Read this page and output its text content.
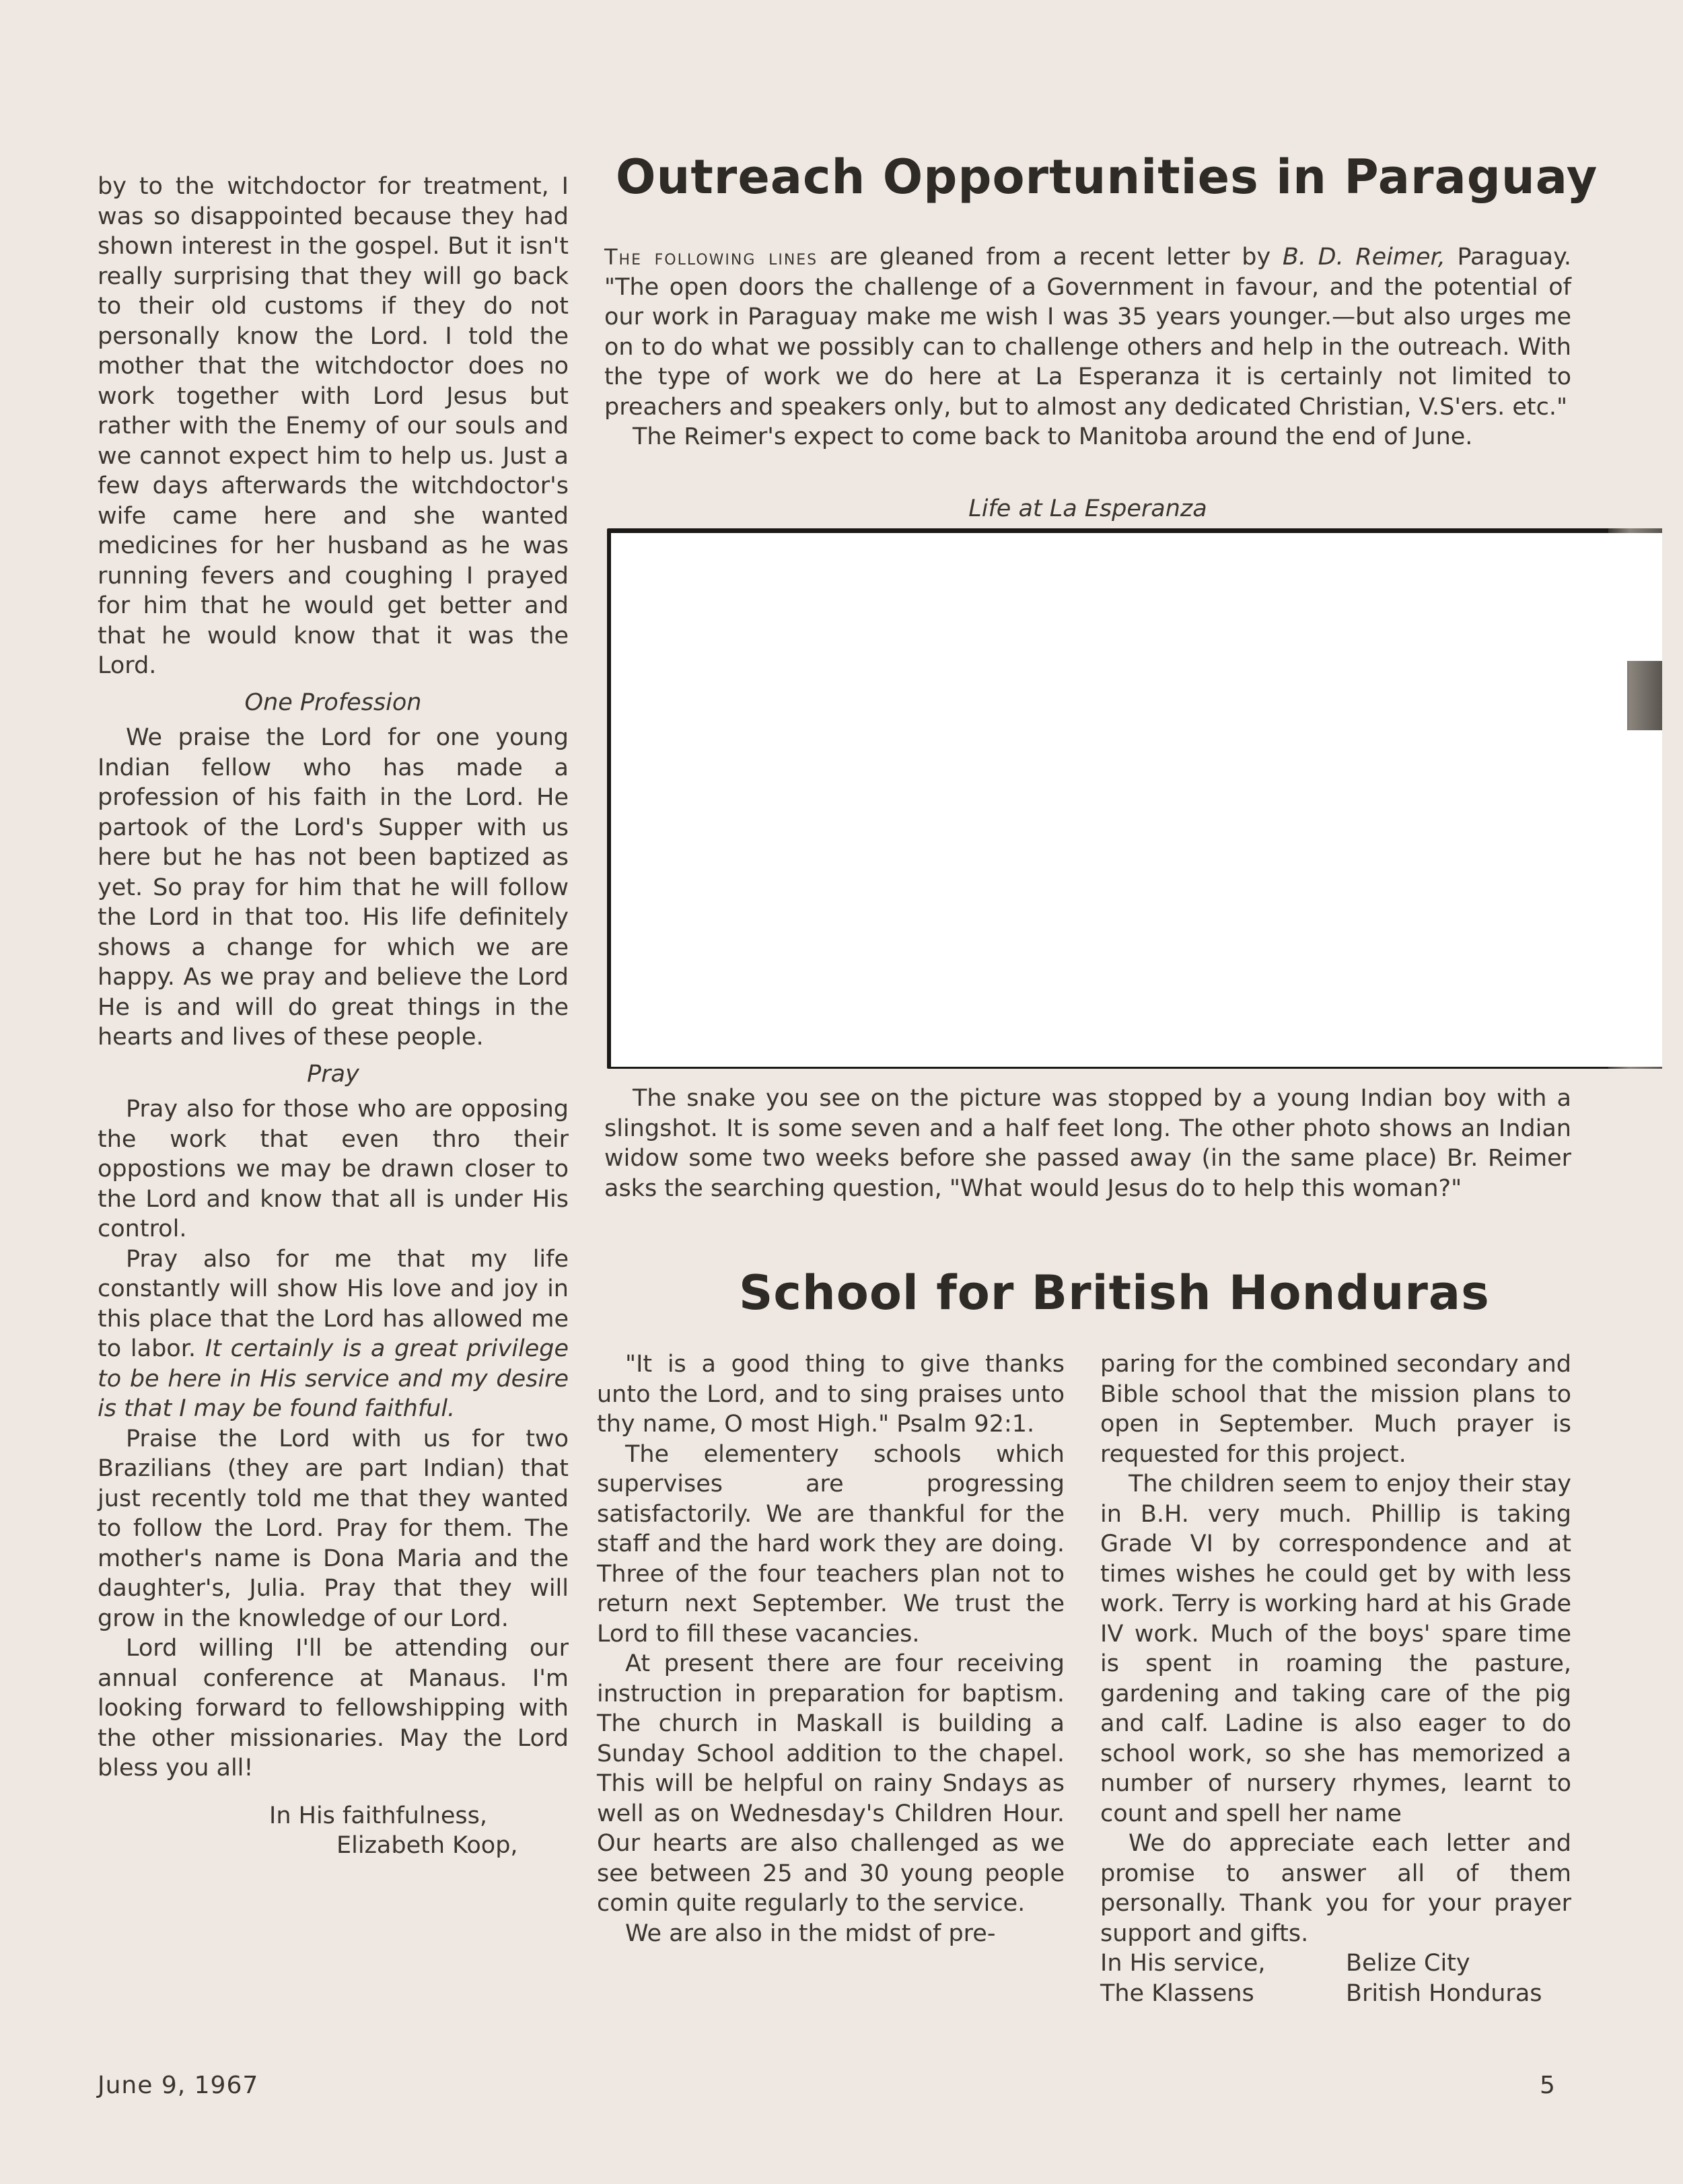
by to the witchdoctor for treatment, I was so disappointed because they had shown interest in the gospel. But it isn't really surprising that they will go back to their old customs if they do not personally know the Lord. I told the mother that the witchdoctor does no work together with Lord Jesus but rather with the Enemy of our souls and we cannot expect him to help us. Just a few days afterwards the witchdoctor's wife came here and she wanted medicines for her husband as he was running fevers and coughing I prayed for him that he would get better and that he would know that it was the Lord.

One Profession

We praise the Lord for one young Indian fellow who has made a profession of his faith in the Lord. He partook of the Lord's Supper with us here but he has not been baptized as yet. So pray for him that he will follow the Lord in that too. His life definitely shows a change for which we are happy. As we pray and believe the Lord He is and will do great things in the hearts and lives of these people.

Pray

Pray also for those who are opposing the work that even thro their oppostions we may be drawn closer to the Lord and know that all is under His control.

Pray also for me that my life constantly will show His love and joy in this place that the Lord has allowed me to labor. It certainly is a great privilege to be here in His service and my desire is that I may be found faithful.

Praise the Lord with us for two Brazilians (they are part Indian) that just recently told me that they wanted to follow the Lord. Pray for them. The mother's name is Dona Maria and the daughter's, Julia. Pray that they will grow in the knowledge of our Lord.

Lord willing I'll be attending our annual conference at Manaus. I'm looking forward to fellowshipping with the other missionaries. May the Lord bless you all!

In His faithfulness,
Elizabeth Koop,

Outreach Opportunities in Paraguay

The following lines are gleaned from a recent letter by B. D. Reimer, Paraguay. "The open doors the challenge of a Government in favour, and the potential of our work in Paraguay make me wish I was 35 years younger.—but also urges me on to do what we possibly can to challenge others and help in the outreach. With the type of work we do here at La Esperanza it is certainly not limited to preachers and speakers only, but to almost any dedicated Christian, V.S'ers. etc."

The Reimer's expect to come back to Manitoba around the end of June.

Life at La Esperanza

The snake you see on the picture was stopped by a young Indian boy with a slingshot. It is some seven and a half feet long. The other photo shows an Indian widow some two weeks before she passed away (in the same place) Br. Reimer asks the searching question, "What would Jesus do to help this woman?"

School for British Honduras

"It is a good thing to give thanks unto the Lord, and to sing praises unto thy name, O most High." Psalm 92:1.

The elementery schools which supervises are progressing satisfactorily. We are thankful for the staff and the hard work they are doing. Three of the four teachers plan not to return next September. We trust the Lord to fill these vacancies.

At present there are four receiving instruction in preparation for baptism. The church in Maskall is building a Sunday School addition to the chapel. This will be helpful on rainy Sndays as well as on Wednesday's Children Hour. Our hearts are also challenged as we see between 25 and 30 young people comin quite regularly to the service.

We are also in the midst of pre-

paring for the combined secondary and Bible school that the mission plans to open in September. Much prayer is requested for this project.

The children seem to enjoy their stay in B.H. very much. Phillip is taking Grade VI by correspondence and at times wishes he could get by with less work. Terry is working hard at his Grade IV work. Much of the boys' spare time is spent in roaming the pasture, gardening and taking care of the pig and calf. Ladine is also eager to do school work, so she has memorized a number of nursery rhymes, learnt to count and spell her name

We do appreciate each letter and promise to answer all of them personally. Thank you for your prayer support and gifts.

In His service,	Belize City
The Klassens	British Honduras
June 9, 1967	5
